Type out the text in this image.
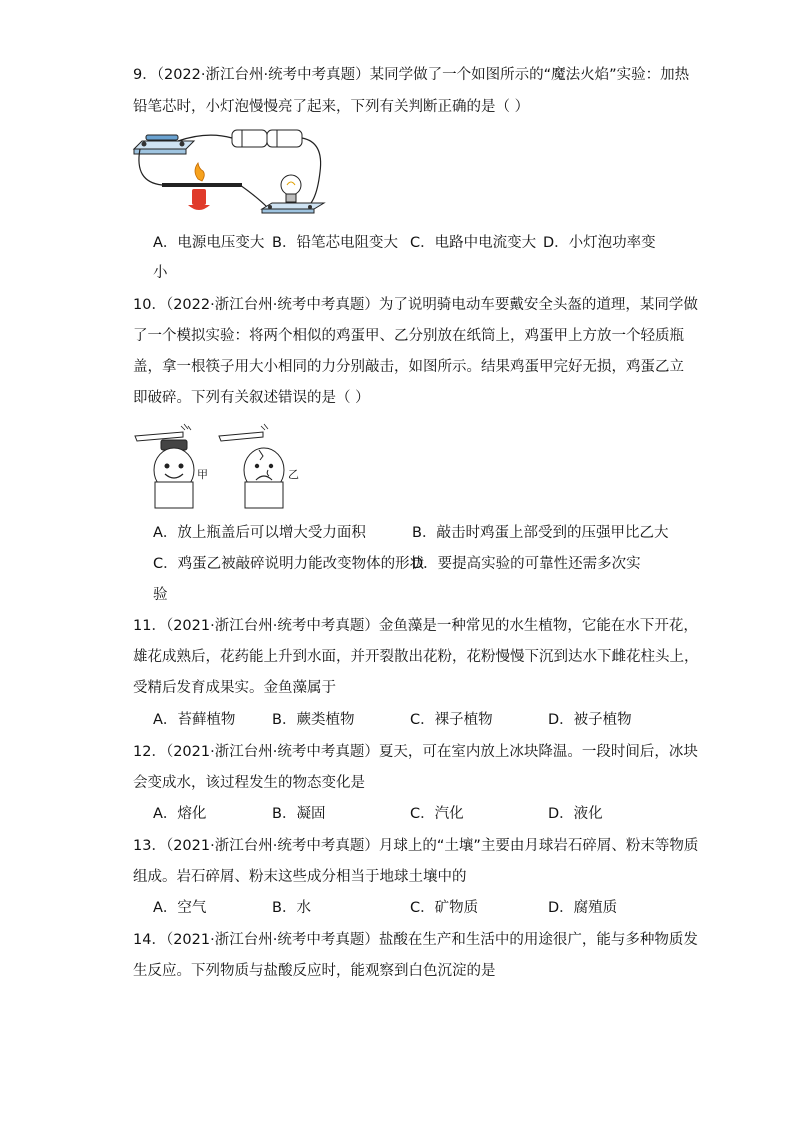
9．（2022·浙江台州·统考中考真题）某同学做了一个如图所示的“魔法火焰”实验：加热
铅笔芯时，小灯泡慢慢亮了起来，下列有关判断正确的是（ ）
A．电源电压变大 B．铅笔芯电阻变大 C．电路中电流变大 D．小灯泡功率变
小
10．（2022·浙江台州·统考中考真题）为了说明骑电动车要戴安全头盔的道理，某同学做
了一个模拟实验：将两个相似的鸡蛋甲、乙分别放在纸筒上，鸡蛋甲上方放一个轻质瓶
盖，拿一根筷子用大小相同的力分别敲击，如图所示。结果鸡蛋甲完好无损，鸡蛋乙立
即破碎。下列有关叙述错误的是（ ）
甲	乙
A．放上瓶盖后可以增大受力面积	B．敲击时鸡蛋上部受到的压强甲比乙大
C．鸡蛋乙被敲碎说明力能改变物体的形状
D．要提高实验的可靠性还需多次实
验
11．（2021·浙江台州·统考中考真题）金鱼藻是一种常见的水生植物，它能在水下开花，
雄花成熟后，花药能上升到水面，并开裂散出花粉，花粉慢慢下沉到达水下雌花柱头上，
受精后发育成果实。金鱼藻属于
A．苔藓植物	B．蕨类植物	C．裸子植物	D．被子植物
12．（2021·浙江台州·统考中考真题）夏天，可在室内放上冰块降温。一段时间后，冰块
会变成水，该过程发生的物态变化是
A．熔化	B．凝固	C．汽化	D．液化
13．（2021·浙江台州·统考中考真题）月球上的“土壤”主要由月球岩石碎屑、粉末等物质
组成。岩石碎屑、粉末这些成分相当于地球土壤中的
A．空气	B．水	C．矿物质	D．腐殖质
14．（2021·浙江台州·统考中考真题）盐酸在生产和生活中的用途很广，能与多种物质发
生反应。下列物质与盐酸反应时，能观察到白色沉淀的是
